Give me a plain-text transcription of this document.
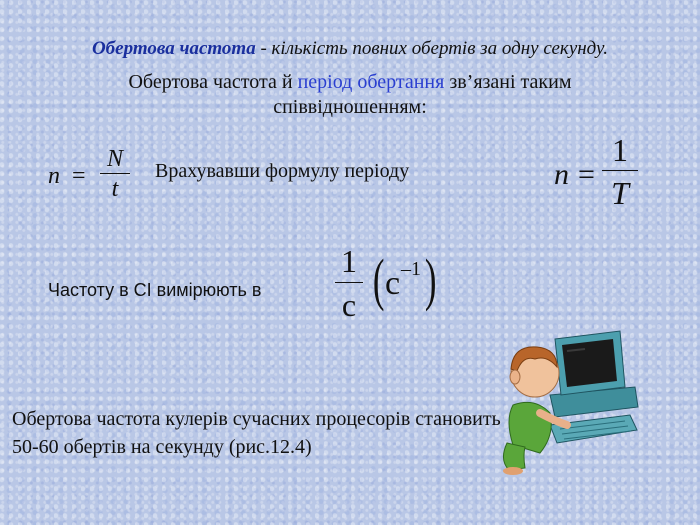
Обертова частота - кількість повних обертів за одну секунду.
Обертова частота й період обертання зв’язані таким співвідношенням:
n =
N
t
Врахувавши формулу періоду	n =
1
T
Частоту в СІ вимірюють в
1
с ( с –1 )
Обертова частота кулерів сучасних процесорів становить 50-60 обертів на секунду (рис.12.4)
